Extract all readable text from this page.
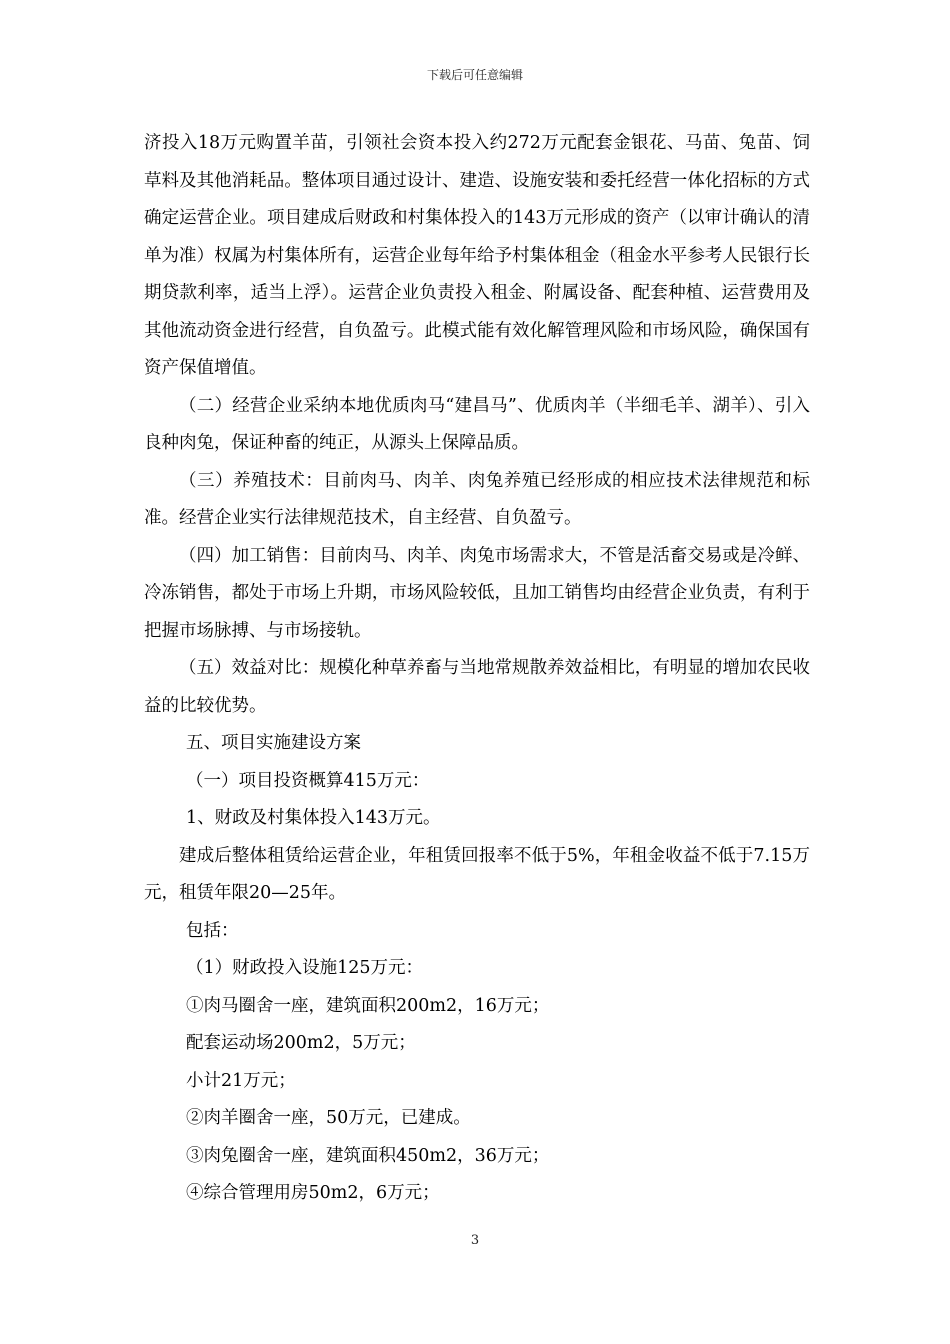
下载后可任意编辑

济投入18万元购置羊苗，引领社会资本投入约272万元配套金银花、马苗、兔苗、饲草料及其他消耗品。整体项目通过设计、建造、设施安装和委托经营一体化招标的方式确定运营企业。项目建成后财政和村集体投入的143万元形成的资产（以审计确认的清单为准）权属为村集体所有，运营企业每年给予村集体租金（租金水平参考人民银行长期贷款利率，适当上浮）。运营企业负责投入租金、附属设备、配套种植、运营费用及其他流动资金进行经营，自负盈亏。此模式能有效化解管理风险和市场风险，确保国有资产保值增值。

（二）经营企业采纳本地优质肉马“建昌马”、优质肉羊（半细毛羊、湖羊）、引入良种肉兔，保证种畜的纯正，从源头上保障品质。

（三）养殖技术：目前肉马、肉羊、肉兔养殖已经形成的相应技术法律规范和标准。经营企业实行法律规范技术，自主经营、自负盈亏。

（四）加工销售：目前肉马、肉羊、肉兔市场需求大，不管是活畜交易或是冷鲜、冷冻销售，都处于市场上升期，市场风险较低，且加工销售均由经营企业负责，有利于把握市场脉搏、与市场接轨。

（五）效益对比：规模化种草养畜与当地常规散养效益相比，有明显的增加农民收益的比较优势。

五、项目实施建设方案

（一）项目投资概算415万元：

1、财政及村集体投入143万元。

建成后整体租赁给运营企业，年租赁回报率不低于5%，年租金收益不低于7.15万元，租赁年限20—25年。

包括：

（1）财政投入设施125万元：

①肉马圈舍一座，建筑面积200m2，16万元；

配套运动场200m2，5万元；

小计21万元；

②肉羊圈舍一座，50万元，已建成。

③肉兔圈舍一座，建筑面积450m2，36万元；

④综合管理用房50m2，6万元；

3
